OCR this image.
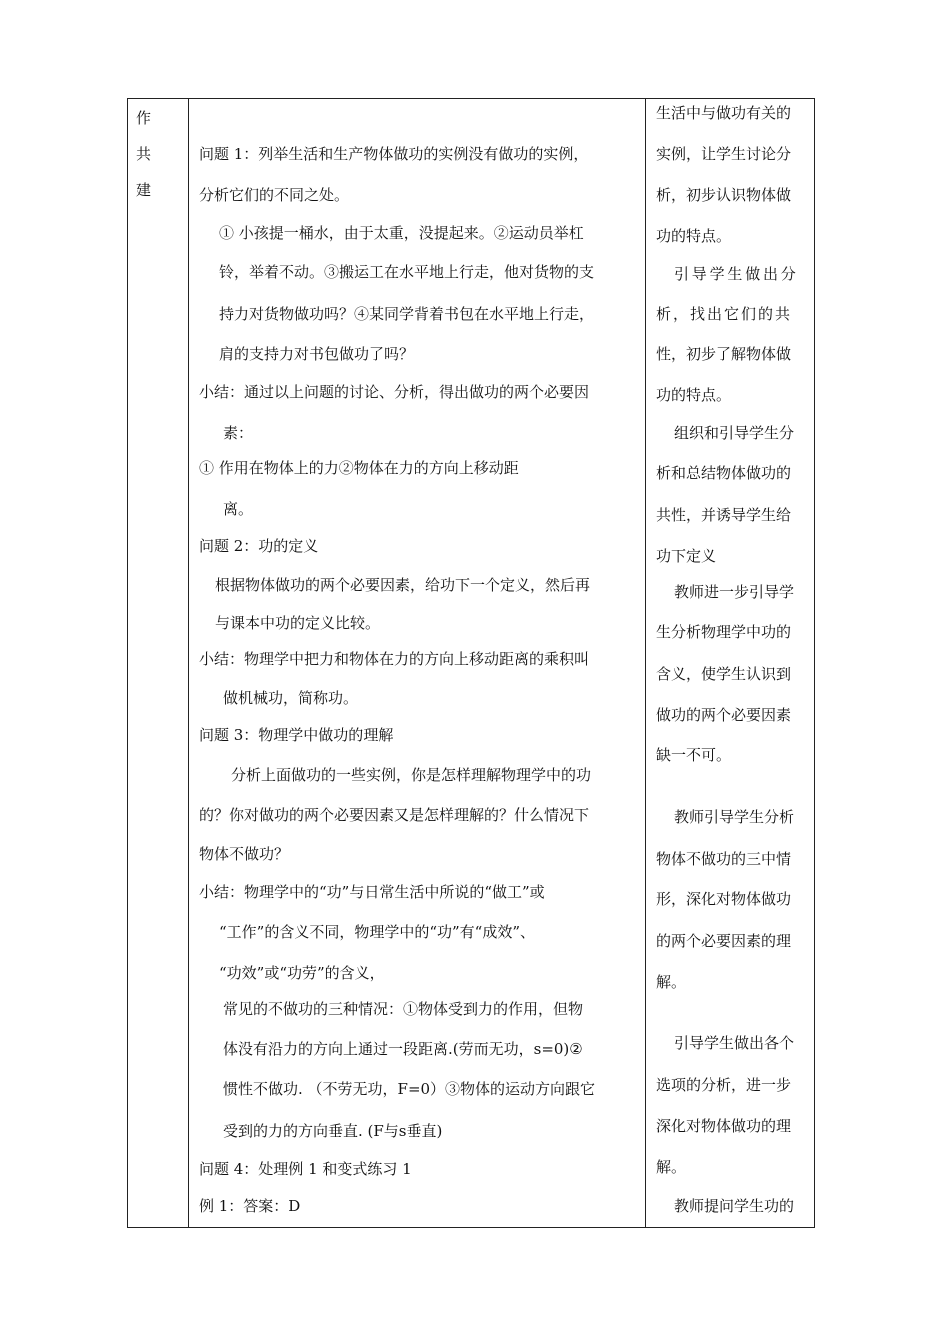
作
共
建
问题 1：列举生活和生产物体做功的实例没有做功的实例，
分析它们的不同之处。
① 小孩提一桶水，由于太重，没提起来。②运动员举杠
铃，举着不动。③搬运工在水平地上行走，他对货物的支
持力对货物做功吗？④某同学背着书包在水平地上行走，
肩的支持力对书包做功了吗？
小结：通过以上问题的讨论、分析，得出做功的两个必要因
素：
① 作用在物体上的力②物体在力的方向上移动距
离。
问题 2：功的定义
根据物体做功的两个必要因素，给功下一个定义，然后再
与课本中功的定义比较。
小结：物理学中把力和物体在力的方向上移动距离的乘积叫
做机械功，简称功。
问题 3：物理学中做功的理解
分析上面做功的一些实例，你是怎样理解物理学中的功
的？你对做功的两个必要因素又是怎样理解的？什么情况下
物体不做功？
小结：物理学中的“功”与日常生活中所说的“做工”或
“工作”的含义不同，物理学中的“功”有“成效”、
“功效”或“功劳”的含义，
常见的不做功的三种情况：①物体受到力的作用，但物
体没有沿力的方向上通过一段距离.(劳而无功，s=0)②
惯性不做功. （不劳无功，F=0）③物体的运动方向跟它
受到的力的方向垂直. (F与s垂直)
问题 4：处理例 1 和变式练习 1
例 1：答案：D
生活中与做功有关的
实例，让学生讨论分
析，初步认识物体做
功的特点。
引导学生做出分
析，找出它们的共
性，初步了解物体做
功的特点。
组织和引导学生分
析和总结物体做功的
共性，并诱导学生给
功下定义
教师进一步引导学
生分析物理学中功的
含义，使学生认识到
做功的两个必要因素
缺一不可。
教师引导学生分析
物体不做功的三中情
形，深化对物体做功
的两个必要因素的理
解。
引导学生做出各个
选项的分析，进一步
深化对物体做功的理
解。
教师提问学生功的
